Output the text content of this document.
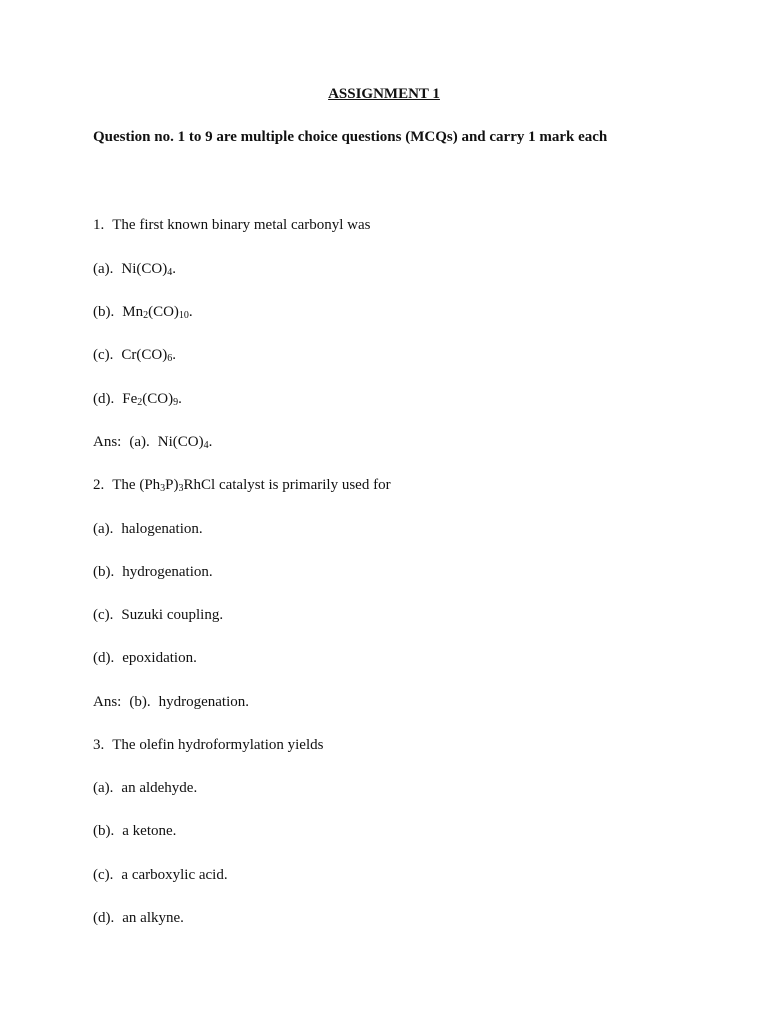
ASSIGNMENT 1
Question no. 1 to 9 are multiple choice questions (MCQs) and carry 1 mark each
1. The first known binary metal carbonyl was
(a). $Ni(CO)_4$.
(b). $Mn_2(CO)_{10}$.
(c). $Cr(CO)_6$.
(d). $Fe_2(CO)_9$.
Ans: (a). $Ni(CO)_4$.
2. The $(Ph_3P)_3RhCl$ catalyst is primarily used for
(a). halogenation.
(b). hydrogenation.
(c). Suzuki coupling.
(d). epoxidation.
Ans: (b). hydrogenation.
3. The olefin hydroformylation yields
(a). an aldehyde.
(b). a ketone.
(c). a carboxylic acid.
(d). an alkyne.
